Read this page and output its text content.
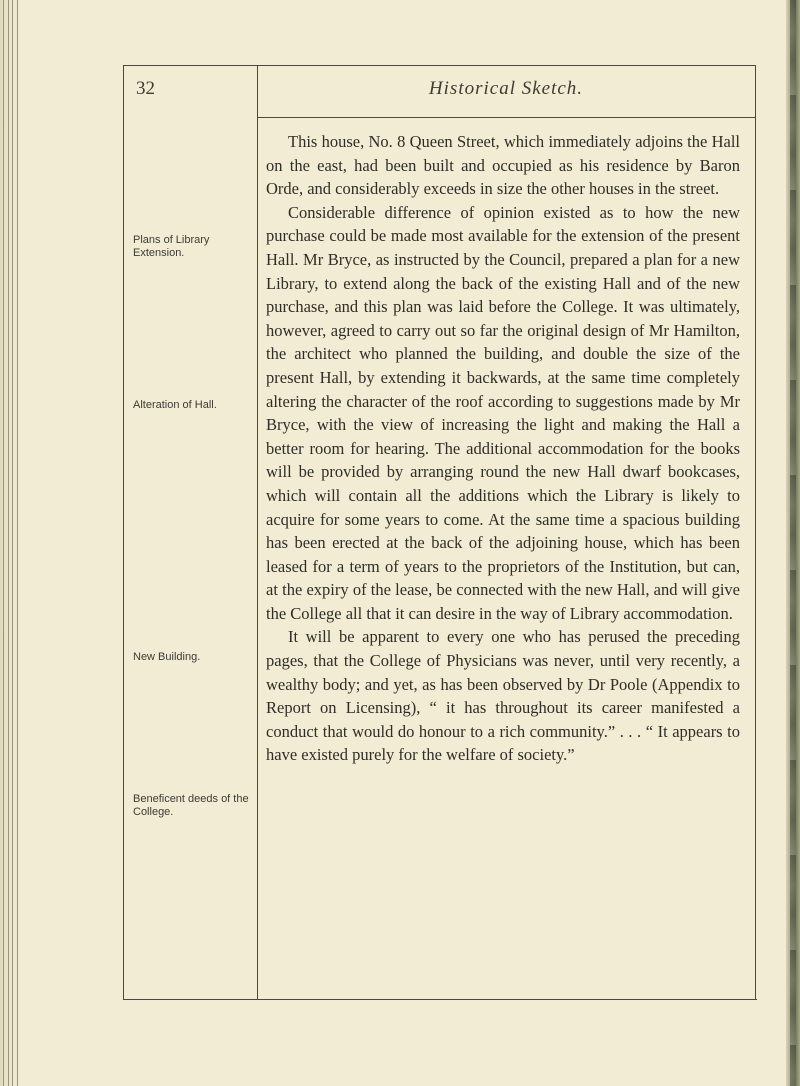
32	Historical Sketch.
Plans of Library Extension.
Alteration of Hall.
New Building.
Beneficent deeds of the College.

This house, No. 8 Queen Street, which immediately adjoins the Hall on the east, had been built and occupied as his residence by Baron Orde, and considerably exceeds in size the other houses in the street.

Considerable difference of opinion existed as to how the new purchase could be made most available for the extension of the present Hall. Mr Bryce, as instructed by the Council, prepared a plan for a new Library, to extend along the back of the existing Hall and of the new purchase, and this plan was laid before the College. It was ultimately, however, agreed to carry out so far the original design of Mr Hamilton, the architect who planned the building, and double the size of the present Hall, by extending it backwards, at the same time completely altering the character of the roof according to suggestions made by Mr Bryce, with the view of increasing the light and making the Hall a better room for hearing. The additional accommodation for the books will be provided by arranging round the new Hall dwarf bookcases, which will contain all the additions which the Library is likely to acquire for some years to come. At the same time a spacious building has been erected at the back of the adjoining house, which has been leased for a term of years to the proprietors of the Institution, but can, at the expiry of the lease, be connected with the new Hall, and will give the College all that it can desire in the way of Library accommodation.

It will be apparent to every one who has perused the preceding pages, that the College of Physicians was never, until very recently, a wealthy body; and yet, as has been observed by Dr Poole (Appendix to Report on Licensing), “ it has throughout its career manifested a conduct that would do honour to a rich community.” . . . “ It appears to have existed purely for the welfare of society.”
